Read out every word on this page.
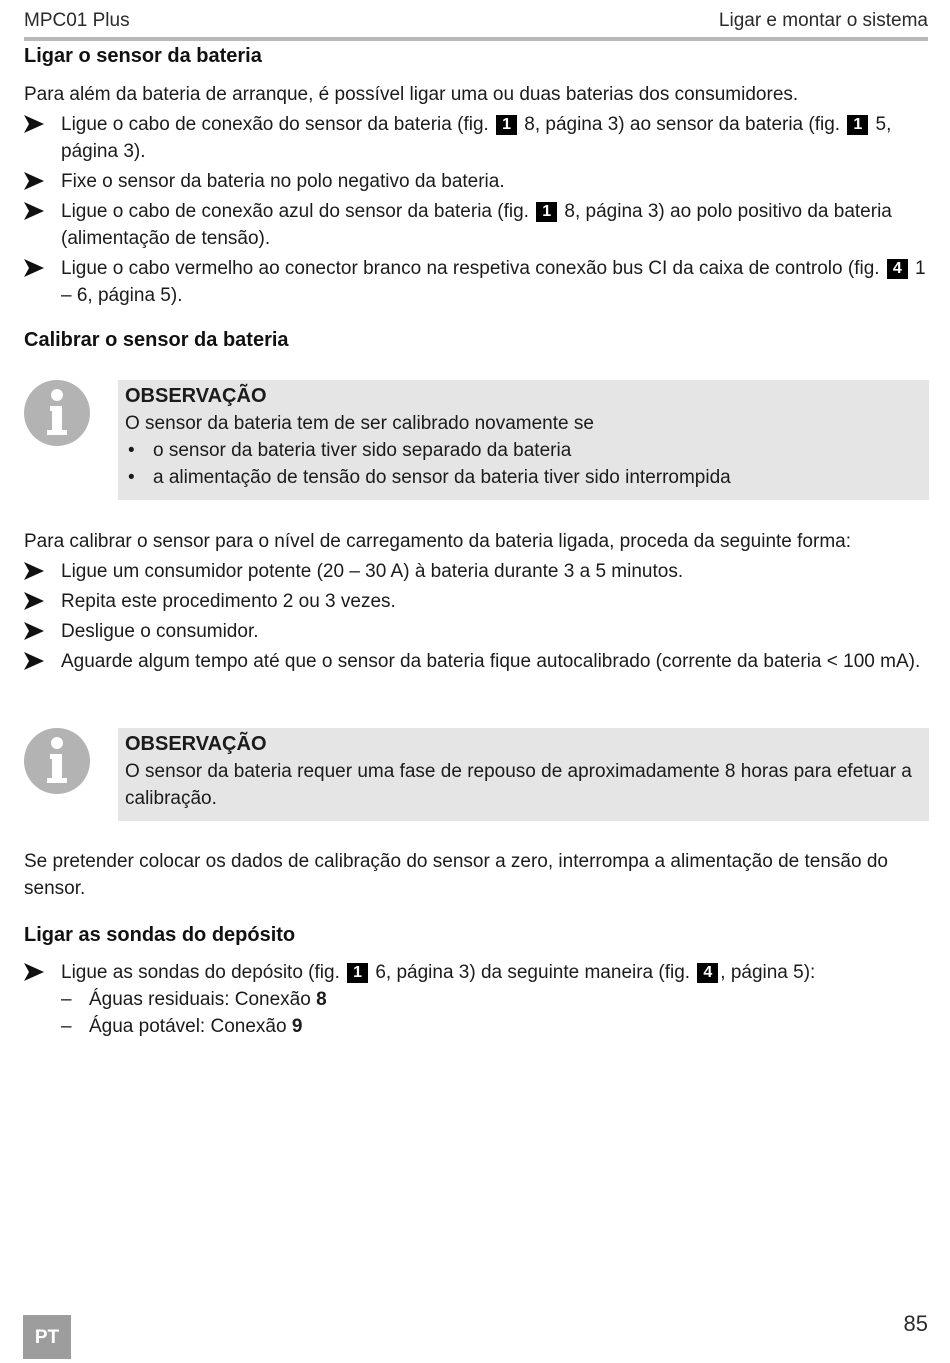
MPC01 Plus	Ligar e montar o sistema
Ligar o sensor da bateria

Para além da bateria de arranque, é possível ligar uma ou duas baterias dos consumidores.

Ligue o cabo de conexão do sensor da bateria (fig. 1 8, página 3) ao sensor da bateria (fig. 1 5, página 3).
Fixe o sensor da bateria no polo negativo da bateria.
Ligue o cabo de conexão azul do sensor da bateria (fig. 1 8, página 3) ao polo positivo da bateria (alimentação de tensão).
Ligue o cabo vermelho ao conector branco na respetiva conexão bus CI da caixa de controlo (fig. 4 1 – 6, página 5).
Calibrar o sensor da bateria
OBSERVAÇÃO
O sensor da bateria tem de ser calibrado novamente se
• o sensor da bateria tiver sido separado da bateria
• a alimentação de tensão do sensor da bateria tiver sido interrompida

Para calibrar o sensor para o nível de carregamento da bateria ligada, proceda da seguinte forma:

Ligue um consumidor potente (20 – 30 A) à bateria durante 3 a 5 minutos.
Repita este procedimento 2 ou 3 vezes.
Desligue o consumidor.
Aguarde algum tempo até que o sensor da bateria fique autocalibrado (corrente da bateria < 100 mA).
OBSERVAÇÃO
O sensor da bateria requer uma fase de repouso de aproximadamente 8 horas para efetuar a calibração.

Se pretender colocar os dados de calibração do sensor a zero, interrompa a alimentação de tensão do sensor.

Ligar as sondas do depósito
Ligue as sondas do depósito (fig. 1 6, página 3) da seguinte maneira (fig. 4 , página 5):
– Águas residuais: Conexão 8
– Água potável: Conexão 9
PT
85
